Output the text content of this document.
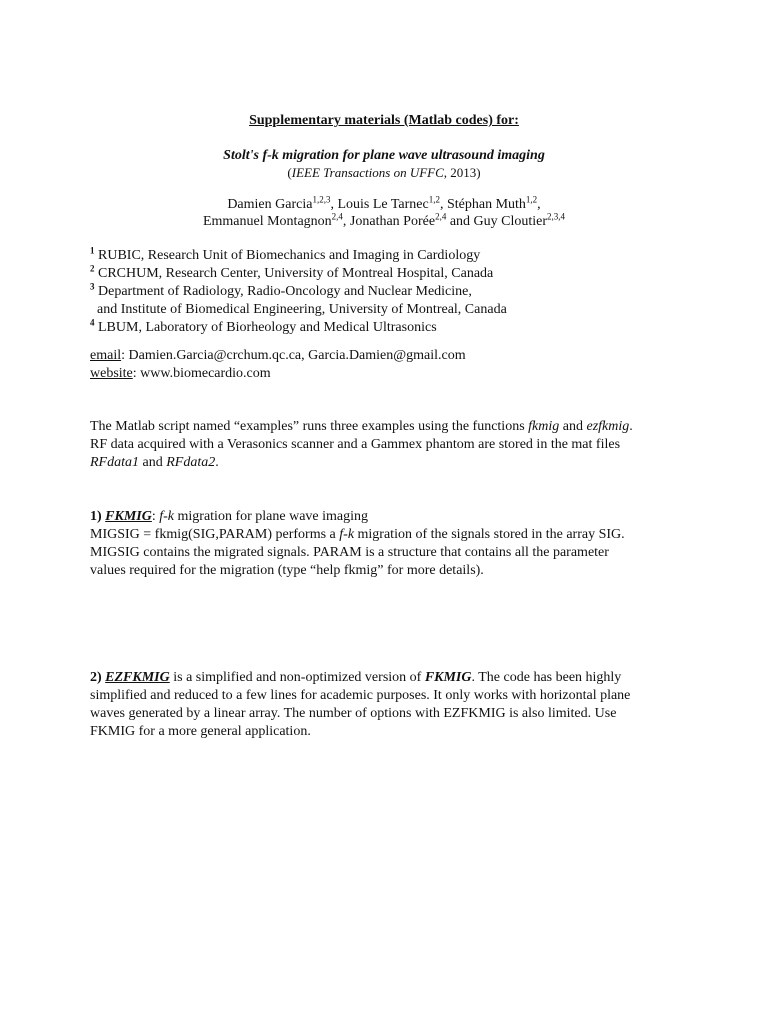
Supplementary materials (Matlab codes) for:
Stolt's f-k migration for plane wave ultrasound imaging
(IEEE Transactions on UFFC, 2013)
Damien Garcia$^{1,2,3}$, Louis Le Tarnec$^{1,2}$, Stéphan Muth$^{1,2}$,
Emmanuel Montagnon$^{2,4}$, Jonathan Porée$^{2,4}$ and Guy Cloutier$^{2,3,4}$
$^1$ RUBIC, Research Unit of Biomechanics and Imaging in Cardiology
$^2$ CRCHUM, Research Center, University of Montreal Hospital, Canada
$^3$ Department of Radiology, Radio-Oncology and Nuclear Medicine,
and Institute of Biomedical Engineering, University of Montreal, Canada
$^4$ LBUM, Laboratory of Biorheology and Medical Ultrasonics
email: Damien.Garcia@crchum.qc.ca, Garcia.Damien@gmail.com
website: www.biomecardio.com

The Matlab script named “examples” runs three examples using the functions fkmig and ezfkmig.

RF data acquired with a Verasonics scanner and a Gammex phantom are stored in the mat files

RFdata1 and RFdata2.

1) FKMIG: f-k migration for plane wave imaging

MIGSIG = fkmig(SIG,PARAM) performs a f-k migration of the signals stored in the array SIG.

MIGSIG contains the migrated signals. PARAM is a structure that contains all the parameter

values required for the migration (type “help fkmig” for more details).

2) EZFKMIG is a simplified and non-optimized version of FKMIG. The code has been highly

simplified and reduced to a few lines for academic purposes. It only works with horizontal plane

waves generated by a linear array. The number of options with EZFKMIG is also limited. Use

FKMIG for a more general application.
